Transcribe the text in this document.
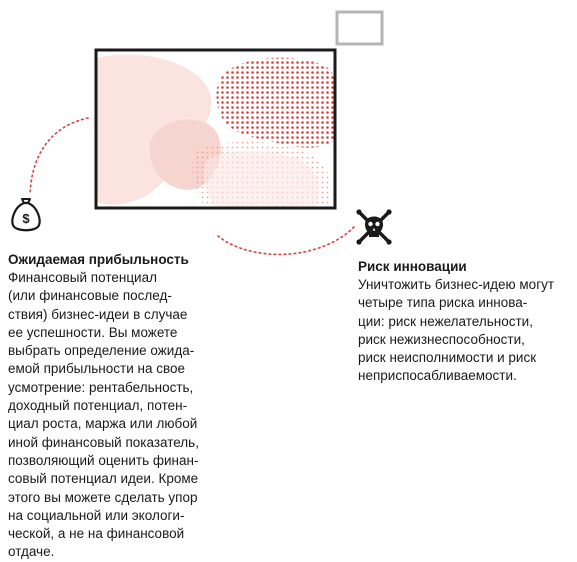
$
Ожидаемая прибыльность
Финансовый потенциал
(или финансовые послед-
ствия) бизнес-идеи в случае
ее успешности. Вы можете
выбрать определение ожида-
емой прибыльности на свое
усмотрение: рентабельность,
доходный потенциал, потен-
циал роста, маржа или любой
иной финансовый показатель,
позволяющий оценить финан-
совый потенциал идеи. Кроме
этого вы можете сделать упор
на социальной или экологи-
ческой, а не на финансовой
отдаче.
Риск инновации
Уничтожить бизнес-идею могут
четыре типа риска иннова-
ции: риск нежелательности,
риск нежизнеспособности,
риск неисполнимости и риск
неприспосабливаемости.
